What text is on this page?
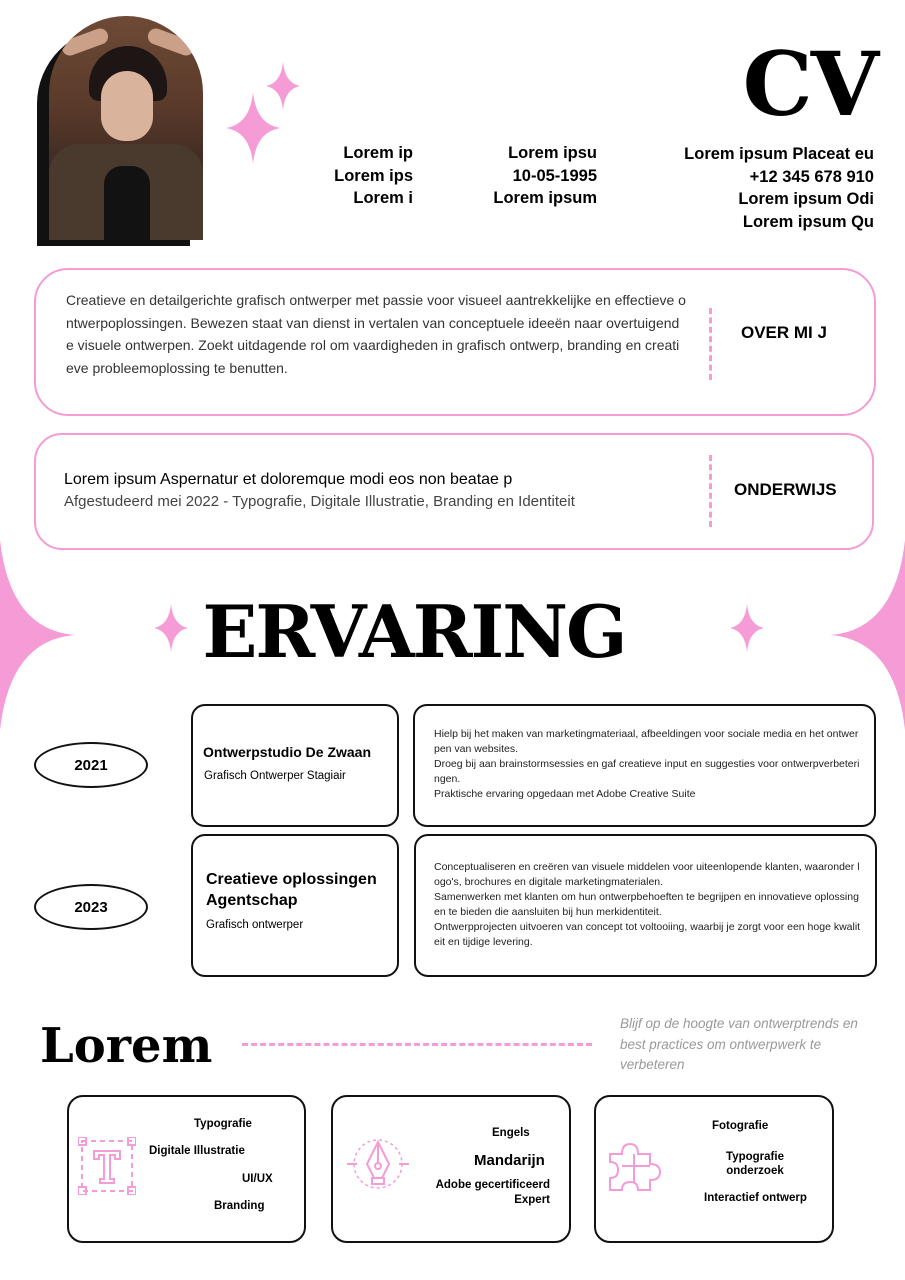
CV
Lorem ip
Lorem ips
Lorem i
Lorem ipsu
10-05-1995
Lorem ipsum
Lorem ipsum Placeat eu
+12 345 678 910
Lorem ipsum Odi
Lorem ipsum Qu
Creatieve en detailgerichte grafisch ontwerper met passie voor visueel aantrekkelijke en effectieve ontwerpoplossingen. Bewezen staat van dienst in vertalen van conceptuele ideeën naar overtuigende visuele ontwerpen. Zoekt uitdagende rol om vaardigheden in grafisch ontwerp, branding en creatieve probleemoplossing te benutten.
OVER MI J
Lorem ipsum Aspernatur et doloremque modi eos non beatae p
Afgestudeerd mei 2022 - Typografie, Digitale Illustratie, Branding en Identiteit
ONDERWIJS
ERVARING
2021
Ontwerpstudio De Zwaan
Grafisch Ontwerper Stagiair
Hielp bij het maken van marketingmateriaal, afbeeldingen voor sociale media en het ontwerpen van websites.
Droeg bij aan brainstormsessies en gaf creatieve input en suggesties voor ontwerpverbeteringen.
Praktische ervaring opgedaan met Adobe Creative Suite
2023
Creatieve oplossingen Agentschap
Grafisch ontwerper
Conceptualiseren en creëren van visuele middelen voor uiteenlopende klanten, waaronder logo's, brochures en digitale marketingmaterialen.
Samenwerken met klanten om hun ontwerpbehoeften te begrijpen en innovatieve oplossingen te bieden die aansluiten bij hun merkidentiteit.
Ontwerpprojecten uitvoeren van concept tot voltooiing, waarbij je zorgt voor een hoge kwaliteit en tijdige levering.
Lorem	Blijf op de hoogte van ontwerptrends en best practices om ontwerpwerk te verbeteren
Typografie
Digitale Illustratie
UI/UX
Branding
Engels
Mandarijn
Adobe gecertificeerd Expert
Fotografie
Typografie onderzoek
Interactief ontwerp
